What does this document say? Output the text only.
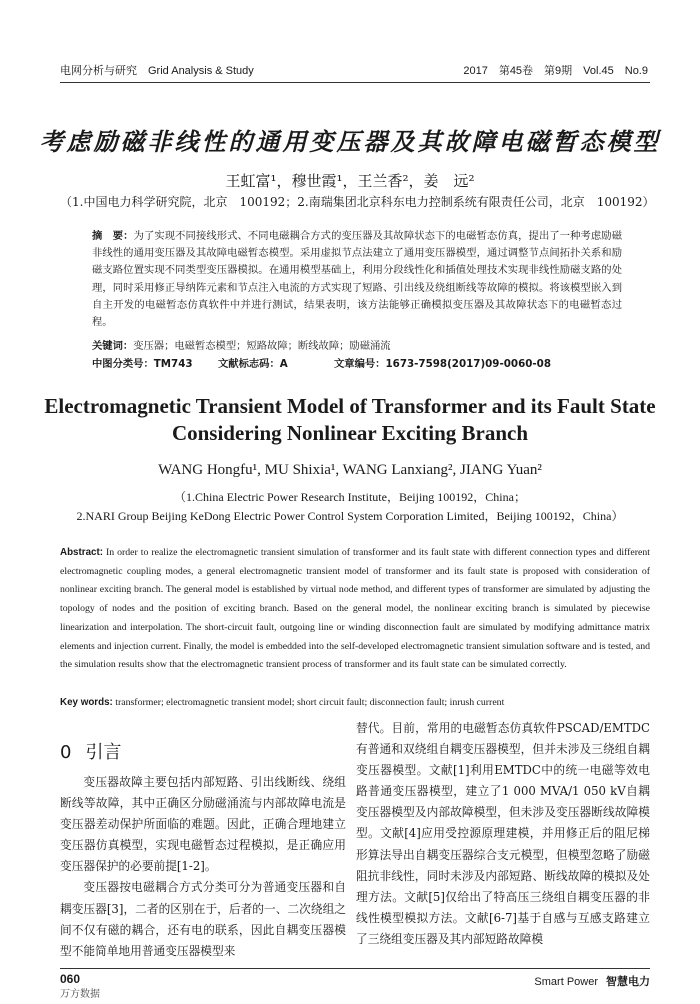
电网分析与研究　Grid Analysis & Study	2017　第45卷　第9期　Vol.45　No.9
考虑励磁非线性的通用变压器及其故障电磁暂态模型
王虹富¹，穆世霞¹，王兰香²，姜　远²
（1.中国电力科学研究院，北京　100192；2.南瑞集团北京科东电力控制系统有限责任公司，北京　100192）
摘　要：为了实现不同接线形式、不同电磁耦合方式的变压器及其故障状态下的电磁暂态仿真，提出了一种考虑励磁非线性的通用变压器及其故障电磁暂态模型。采用虚拟节点法建立了通用变压器模型，通过调整节点间拓扑关系和励磁支路位置实现不同类型变压器模拟。在通用模型基础上，利用分段线性化和插值处理技术实现非线性励磁支路的处理，同时采用修正导纳阵元素和节点注入电流的方式实现了短路、引出线及绕组断线等故障的模拟。将该模型嵌入到自主开发的电磁暂态仿真软件中并进行测试，结果表明，该方法能够正确模拟变压器及其故障状态下的电磁暂态过程。
关键词：变压器；电磁暂态模型；短路故障；断线故障；励磁涌流
中图分类号：TM743 文献标志码：A	文章编号：1673-7598(2017)09-0060-08
Electromagnetic Transient Model of Transformer and its Fault State
Considering Nonlinear Exciting Branch
WANG Hongfu¹, MU Shixia¹, WANG Lanxiang², JIANG Yuan²
（1.China Electric Power Research Institute，Beijing 100192，China；
2.NARI Group Beijing KeDong Electric Power Control System Corporation Limited，Beijing 100192，China）
Abstract: In order to realize the electromagnetic transient simulation of transformer and its fault state with different connection types and different electromagnetic coupling modes, a general electromagnetic transient model of transformer and its fault state is proposed with consideration of nonlinear exciting branch. The general model is established by virtual node method, and different types of transformer are simulated by adjusting the topology of nodes and the position of exciting branch. Based on the general model, the nonlinear exciting branch is simulated by piecewise linearization and interpolation. The short-circuit fault, outgoing line or winding disconnection fault are simulated by modifying admittance matrix elements and injection current. Finally, the model is embedded into the self-developed electromagnetic transient simulation software and is tested, and the simulation results show that the electromagnetic transient process of transformer and its fault state can be simulated correctly.
Key words: transformer; electromagnetic transient model; short circuit fault; disconnection fault; inrush current
0 引言

变压器故障主要包括内部短路、引出线断线、绕组断线等故障，其中正确区分励磁涌流与内部故障电流是变压器差动保护所面临的难题。因此，正确合理地建立变压器仿真模型，实现电磁暂态过程模拟，是正确应用变压器保护的必要前提[1-2]。

变压器按电磁耦合方式分类可分为普通变压器和自耦变压器[3]，二者的区别在于，后者的一、二次绕组之间不仅有磁的耦合，还有电的联系，因此自耦变压器模型不能简单地用普通变压器模型来

替代。目前，常用的电磁暂态仿真软件PSCAD/EMTDC有普通和双绕组自耦变压器模型，但并未涉及三绕组自耦变压器模型。文献[1]利用EMTDC中的统一电磁等效电路普通变压器模型，建立了1 000 MVA/1 050 kV自耦变压器模型及内部故障模型，但未涉及变压器断线故障模型。文献[4]应用受控源原理建模，并用修正后的阻尼梯形算法导出自耦变压器综合支元模型，但模型忽略了励磁阻抗非线性，同时未涉及内部短路、断线故障的模拟及处理方法。文献[5]仅给出了特高压三绕组自耦变压器的非线性模型模拟方法。文献[6-7]基于自感与互感支路建立了三绕组变压器及其内部短路故障模

060
万方数据
Smart Power 智慧电力
